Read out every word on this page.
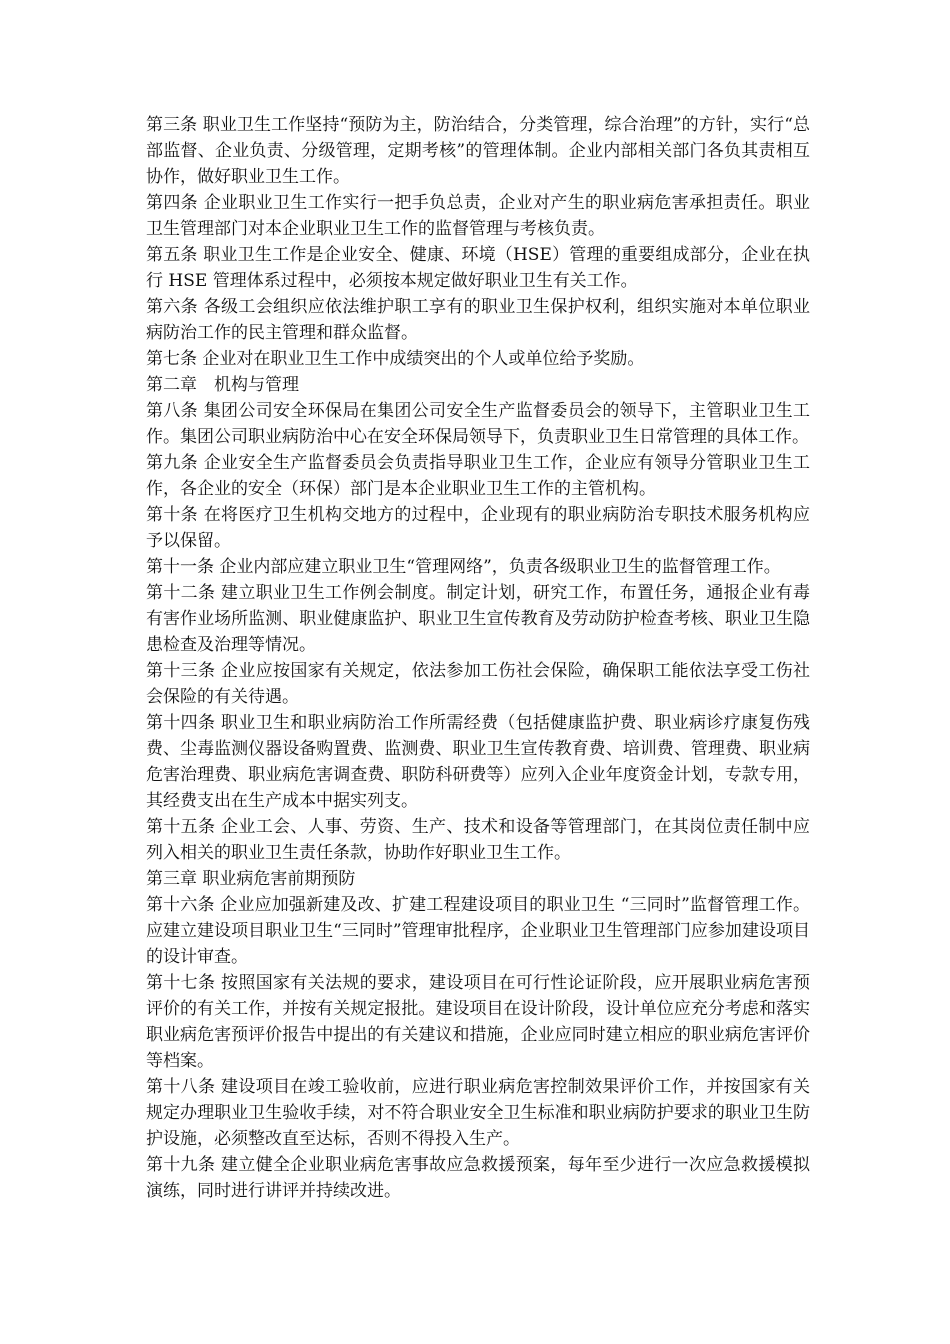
第三条 职业卫生工作坚持“预防为主，防治结合，分类管理，综合治理”的方针，实行“总部监督、企业负责、分级管理，定期考核”的管理体制。企业内部相关部门各负其责相互协作，做好职业卫生工作。

第四条 企业职业卫生工作实行一把手负总责，企业对产生的职业病危害承担责任。职业卫生管理部门对本企业职业卫生工作的监督管理与考核负责。

第五条 职业卫生工作是企业安全、健康、环境（HSE）管理的重要组成部分，企业在执行 HSE 管理体系过程中，必须按本规定做好职业卫生有关工作。

第六条 各级工会组织应依法维护职工享有的职业卫生保护权利，组织实施对本单位职业病防治工作的民主管理和群众监督。

第七条 企业对在职业卫生工作中成绩突出的个人或单位给予奖励。

第二章　机构与管理

第八条 集团公司安全环保局在集团公司安全生产监督委员会的领导下，主管职业卫生工作。集团公司职业病防治中心在安全环保局领导下，负责职业卫生日常管理的具体工作。

第九条 企业安全生产监督委员会负责指导职业卫生工作，企业应有领导分管职业卫生工作，各企业的安全（环保）部门是本企业职业卫生工作的主管机构。

第十条 在将医疗卫生机构交地方的过程中，企业现有的职业病防治专职技术服务机构应予以保留。

第十一条 企业内部应建立职业卫生“管理网络”，负责各级职业卫生的监督管理工作。

第十二条 建立职业卫生工作例会制度。制定计划，研究工作，布置任务，通报企业有毒有害作业场所监测、职业健康监护、职业卫生宣传教育及劳动防护检查考核、职业卫生隐患检查及治理等情况。

第十三条 企业应按国家有关规定，依法参加工伤社会保险，确保职工能依法享受工伤社会保险的有关待遇。

第十四条 职业卫生和职业病防治工作所需经费（包括健康监护费、职业病诊疗康复伤残费、尘毒监测仪器设备购置费、监测费、职业卫生宣传教育费、培训费、管理费、职业病危害治理费、职业病危害调查费、职防科研费等）应列入企业年度资金计划，专款专用，其经费支出在生产成本中据实列支。

第十五条 企业工会、人事、劳资、生产、技术和设备等管理部门，在其岗位责任制中应列入相关的职业卫生责任条款，协助作好职业卫生工作。

第三章 职业病危害前期预防

第十六条 企业应加强新建及改、扩建工程建设项目的职业卫生 “三同时”监督管理工作。应建立建设项目职业卫生“三同时”管理审批程序，企业职业卫生管理部门应参加建设项目的设计审查。

第十七条 按照国家有关法规的要求，建设项目在可行性论证阶段，应开展职业病危害预评价的有关工作，并按有关规定报批。建设项目在设计阶段，设计单位应充分考虑和落实职业病危害预评价报告中提出的有关建议和措施，企业应同时建立相应的职业病危害评价等档案。

第十八条 建设项目在竣工验收前，应进行职业病危害控制效果评价工作，并按国家有关规定办理职业卫生验收手续，对不符合职业安全卫生标准和职业病防护要求的职业卫生防护设施，必须整改直至达标，否则不得投入生产。

第十九条 建立健全企业职业病危害事故应急救援预案，每年至少进行一次应急救援模拟演练，同时进行讲评并持续改进。
